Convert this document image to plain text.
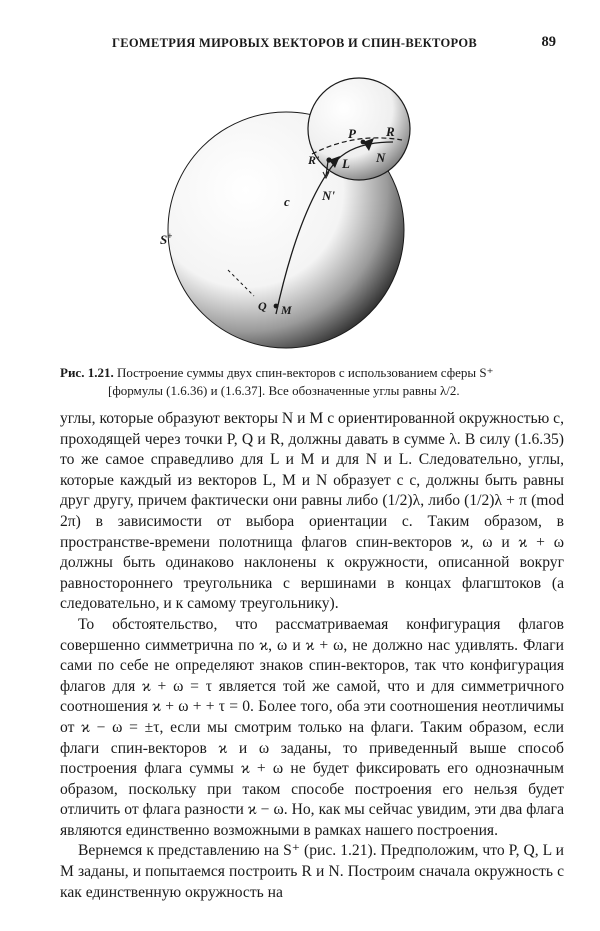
ГЕОМЕТРИЯ МИРОВЫХ ВЕКТОРОВ И СПИН-ВЕКТОРОВ	89
P R
R' L N
N'
c
S+
Q M
Рис. 1.21. Построение суммы двух спин-векторов с использованием сферы S⁺
[формулы (1.6.36) и (1.6.37]. Все обозначенные углы равны λ/2.

углы, которые образуют векторы N и M с ориентированной окружностью c, проходящей через точки P, Q и R, должны давать в сумме λ. В силу (1.6.35) то же самое справедливо для L и M и для N и L. Следовательно, углы, которые каждый из векторов L, M и N образует с c, должны быть равны друг другу, причем фактически они равны либо (1/2)λ, либо (1/2)λ + π (mod 2π) в зависимости от выбора ориентации c. Таким образом, в пространстве-времени полотнища флагов спин-векторов ϰ, ω и ϰ + ω должны быть одинаково наклонены к окружности, описанной вокруг равностороннего треугольника с вершинами в концах флагштоков (а следовательно, и к самому треугольнику).

То обстоятельство, что рассматриваемая конфигурация флагов совершенно симметрична по ϰ, ω и ϰ + ω, не должно нас удивлять. Флаги сами по себе не определяют знаков спин-векторов, так что конфигурация флагов для ϰ + ω = τ является той же самой, что и для симметричного соотношения ϰ + ω + + τ = 0. Более того, оба эти соотношения неотличимы от ϰ − ω = ±τ, если мы смотрим только на флаги. Таким образом, если флаги спин-векторов ϰ и ω заданы, то приведенный выше способ построения флага суммы ϰ + ω не будет фиксировать его однозначным образом, поскольку при таком способе построения его нельзя будет отличить от флага разности ϰ − ω. Но, как мы сейчас увидим, эти два флага являются единственно возможными в рамках нашего построения.

Вернемся к представлению на S⁺ (рис. 1.21). Предположим, что P, Q, L и M заданы, и попытаемся построить R и N. Построим сначала окружность c как единственную окружность на
